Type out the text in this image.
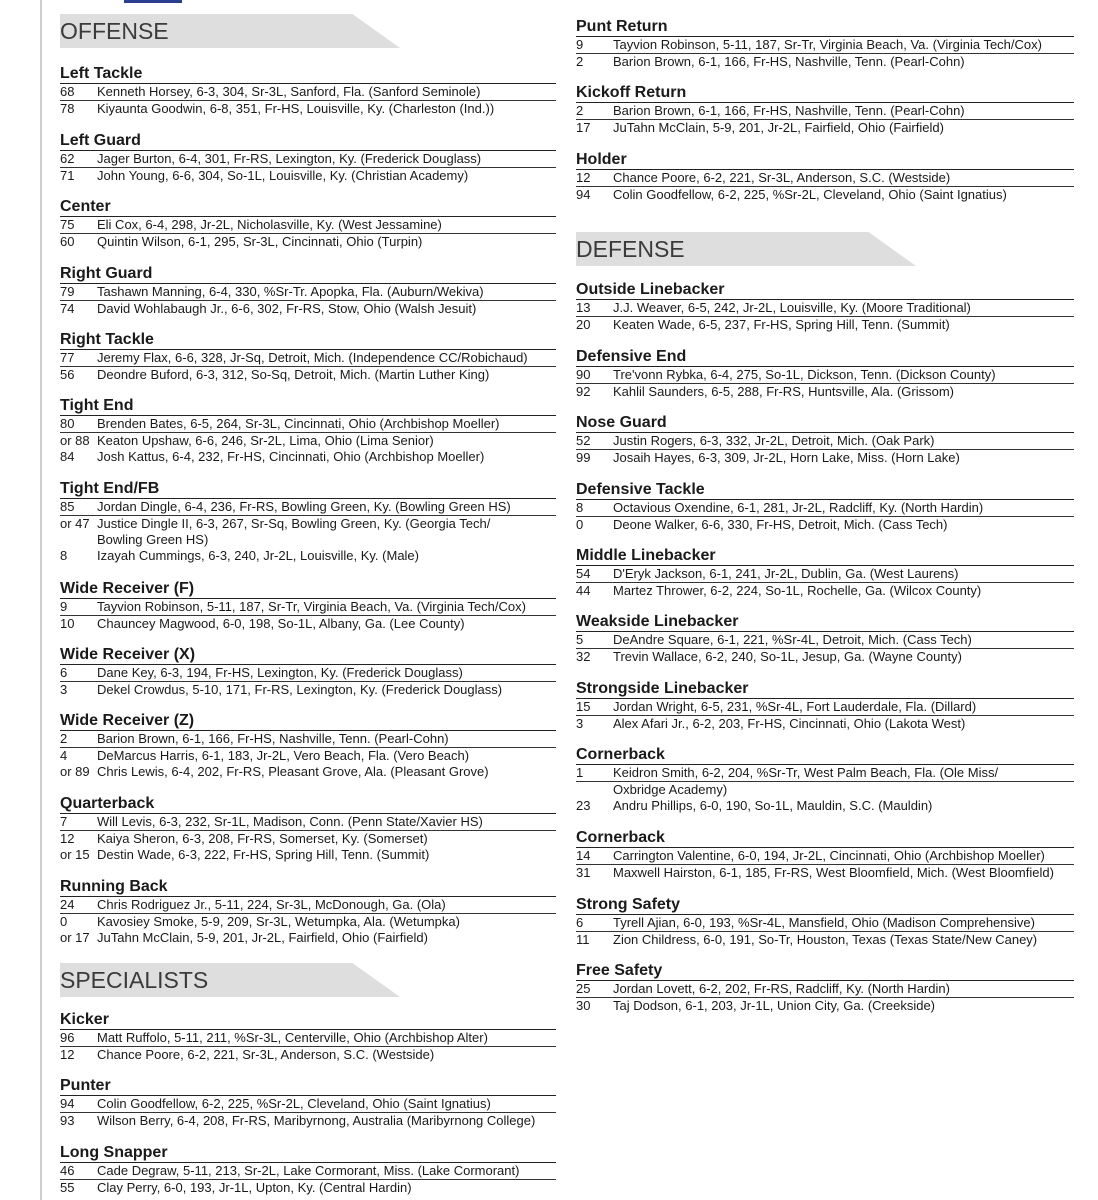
OFFENSE
Left Tackle
68 Kenneth Horsey, 6-3, 304, Sr-3L, Sanford, Fla. (Sanford Seminole)
78 Kiyaunta Goodwin, 6-8, 351, Fr-HS, Louisville, Ky. (Charleston (Ind.))
Left Guard
62 Jager Burton, 6-4, 301, Fr-RS, Lexington, Ky. (Frederick Douglass)
71 John Young, 6-6, 304, So-1L, Louisville, Ky. (Christian Academy)
Center
75 Eli Cox, 6-4, 298, Jr-2L, Nicholasville, Ky. (West Jessamine)
60 Quintin Wilson, 6-1, 295, Sr-3L, Cincinnati, Ohio (Turpin)
Right Guard
79 Tashawn Manning, 6-4, 330, %Sr-Tr. Apopka, Fla. (Auburn/Wekiva)
74 David Wohlabaugh Jr., 6-6, 302, Fr-RS, Stow, Ohio (Walsh Jesuit)
Right Tackle
77 Jeremy Flax, 6-6, 328, Jr-Sq, Detroit, Mich. (Independence CC/Robichaud)
56 Deondre Buford, 6-3, 312, So-Sq, Detroit, Mich. (Martin Luther King)
Tight End
80 Brenden Bates, 6-5, 264, Sr-3L, Cincinnati, Ohio (Archbishop Moeller)
or 88 Keaton Upshaw, 6-6, 246, Sr-2L, Lima, Ohio (Lima Senior)
84 Josh Kattus, 6-4, 232, Fr-HS, Cincinnati, Ohio (Archbishop Moeller)
Tight End/FB
85 Jordan Dingle, 6-4, 236, Fr-RS, Bowling Green, Ky. (Bowling Green HS)
or 47 Justice Dingle II, 6-3, 267, Sr-Sq, Bowling Green, Ky. (Georgia Tech/
Bowling Green HS)
8 Izayah Cummings, 6-3, 240, Jr-2L, Louisville, Ky. (Male)
Wide Receiver (F)
9 Tayvion Robinson, 5-11, 187, Sr-Tr, Virginia Beach, Va. (Virginia Tech/Cox)
10 Chauncey Magwood, 6-0, 198, So-1L, Albany, Ga. (Lee County)
Wide Receiver (X)
6 Dane Key, 6-3, 194, Fr-HS, Lexington, Ky. (Frederick Douglass)
3 Dekel Crowdus, 5-10, 171, Fr-RS, Lexington, Ky. (Frederick Douglass)
Wide Receiver (Z)
2 Barion Brown, 6-1, 166, Fr-HS, Nashville, Tenn. (Pearl-Cohn)
4 DeMarcus Harris, 6-1, 183, Jr-2L, Vero Beach, Fla. (Vero Beach)
or 89 Chris Lewis, 6-4, 202, Fr-RS, Pleasant Grove, Ala. (Pleasant Grove)
Quarterback
7 Will Levis, 6-3, 232, Sr-1L, Madison, Conn. (Penn State/Xavier HS)
12 Kaiya Sheron, 6-3, 208, Fr-RS, Somerset, Ky. (Somerset)
or 15 Destin Wade, 6-3, 222, Fr-HS, Spring Hill, Tenn. (Summit)
Running Back
24 Chris Rodriguez Jr., 5-11, 224, Sr-3L, McDonough, Ga. (Ola)
0 Kavosiey Smoke, 5-9, 209, Sr-3L, Wetumpka, Ala. (Wetumpka)
or 17 JuTahn McClain, 5-9, 201, Jr-2L, Fairfield, Ohio (Fairfield)
SPECIALISTS
Kicker
96 Matt Ruffolo, 5-11, 211, %Sr-3L, Centerville, Ohio (Archbishop Alter)
12 Chance Poore, 6-2, 221, Sr-3L, Anderson, S.C. (Westside)
Punter
94 Colin Goodfellow, 6-2, 225, %Sr-2L, Cleveland, Ohio (Saint Ignatius)
93 Wilson Berry, 6-4, 208, Fr-RS, Maribyrnong, Australia (Maribyrnong College)
Long Snapper
46 Cade Degraw, 5-11, 213, Sr-2L, Lake Cormorant, Miss. (Lake Cormorant)
55 Clay Perry, 6-0, 193, Jr-1L, Upton, Ky. (Central Hardin)
Punt Return
9 Tayvion Robinson, 5-11, 187, Sr-Tr, Virginia Beach, Va. (Virginia Tech/Cox)
2 Barion Brown, 6-1, 166, Fr-HS, Nashville, Tenn. (Pearl-Cohn)
Kickoff Return
2 Barion Brown, 6-1, 166, Fr-HS, Nashville, Tenn. (Pearl-Cohn)
17 JuTahn McClain, 5-9, 201, Jr-2L, Fairfield, Ohio (Fairfield)
Holder
12 Chance Poore, 6-2, 221, Sr-3L, Anderson, S.C. (Westside)
94 Colin Goodfellow, 6-2, 225, %Sr-2L, Cleveland, Ohio (Saint Ignatius)
DEFENSE
Outside Linebacker
13 J.J. Weaver, 6-5, 242, Jr-2L, Louisville, Ky. (Moore Traditional)
20 Keaten Wade, 6-5, 237, Fr-HS, Spring Hill, Tenn. (Summit)
Defensive End
90 Tre'vonn Rybka, 6-4, 275, So-1L, Dickson, Tenn. (Dickson County)
92 Kahlil Saunders, 6-5, 288, Fr-RS, Huntsville, Ala. (Grissom)
Nose Guard
52 Justin Rogers, 6-3, 332, Jr-2L, Detroit, Mich. (Oak Park)
99 Josaih Hayes, 6-3, 309, Jr-2L, Horn Lake, Miss. (Horn Lake)
Defensive Tackle
8 Octavious Oxendine, 6-1, 281, Jr-2L, Radcliff, Ky. (North Hardin)
0 Deone Walker, 6-6, 330, Fr-HS, Detroit, Mich. (Cass Tech)
Middle Linebacker
54 D'Eryk Jackson, 6-1, 241, Jr-2L, Dublin, Ga. (West Laurens)
44 Martez Thrower, 6-2, 224, So-1L, Rochelle, Ga. (Wilcox County)
Weakside Linebacker
5 DeAndre Square, 6-1, 221, %Sr-4L, Detroit, Mich. (Cass Tech)
32 Trevin Wallace, 6-2, 240, So-1L, Jesup, Ga. (Wayne County)
Strongside Linebacker
15 Jordan Wright, 6-5, 231, %Sr-4L, Fort Lauderdale, Fla. (Dillard)
3 Alex Afari Jr., 6-2, 203, Fr-HS, Cincinnati, Ohio (Lakota West)
Cornerback
1 Keidron Smith, 6-2, 204, %Sr-Tr, West Palm Beach, Fla. (Ole Miss/
Oxbridge Academy)
23 Andru Phillips, 6-0, 190, So-1L, Mauldin, S.C. (Mauldin)
Cornerback
14 Carrington Valentine, 6-0, 194, Jr-2L, Cincinnati, Ohio (Archbishop Moeller)
31 Maxwell Hairston, 6-1, 185, Fr-RS, West Bloomfield, Mich. (West Bloomfield)
Strong Safety
6 Tyrell Ajian, 6-0, 193, %Sr-4L, Mansfield, Ohio (Madison Comprehensive)
11 Zion Childress, 6-0, 191, So-Tr, Houston, Texas (Texas State/New Caney)
Free Safety
25 Jordan Lovett, 6-2, 202, Fr-RS, Radcliff, Ky. (North Hardin)
30 Taj Dodson, 6-1, 203, Jr-1L, Union City, Ga. (Creekside)
